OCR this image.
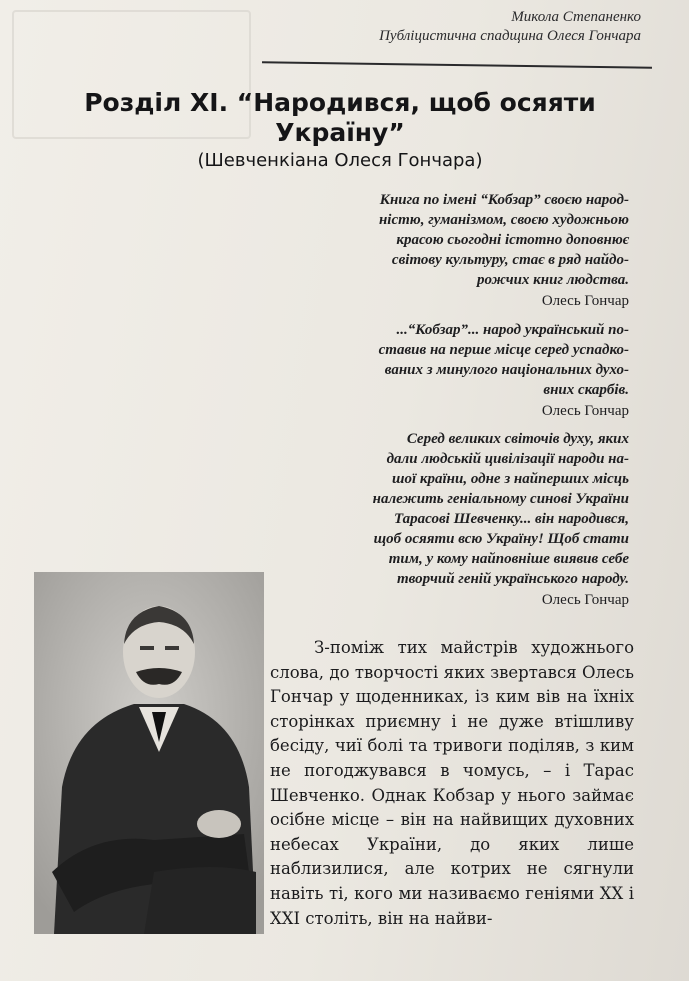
Микола Степаненко
Публіцистична спадщина Олеся Гончара
Розділ XI. “Народився, щоб осяяти
Україну”
(Шевченкіана Олеся Гончара)
Книга по імені “Кобзар” своєю народ-
ністю, гуманізмом, своєю художньою
красою сьогодні істотно доповнює
світову культуру, стає в ряд найдо-
рожчих книг людства.
Олесь Гончар
...“Кобзар”... народ український по-
ставив на перше місце серед успадко-
ваних з минулого національних духо-
вних скарбів.
Олесь Гончар
Серед великих світочів духу, яких
дали людській цивілізації народи на-
шої країни, одне з найперших місць
належить геніальному синові України
Тарасові Шевченку... він народився,
щоб осяяти всю Україну! Щоб стати
тим, у кому найповніше виявив себе
творчий геній українського народу.
Олесь Гончар

З-поміж тих майстрів художнього слова, до творчості яких звертався Олесь Гончар у щоденниках, із ким вів на їхніх сторінках приємну і не дуже втішливу бесіду, чиї болі та тривоги поділяв, з ким не погоджувався в чомусь, – і Тарас Шевченко. Однак Кобзар у нього займає осібне місце – він на найвищих духовних небесах України, до яких лише наблизилися, але котрих не сягнули навіть ті, кого ми називаємо геніями XX і XXI століть, він на найви-
